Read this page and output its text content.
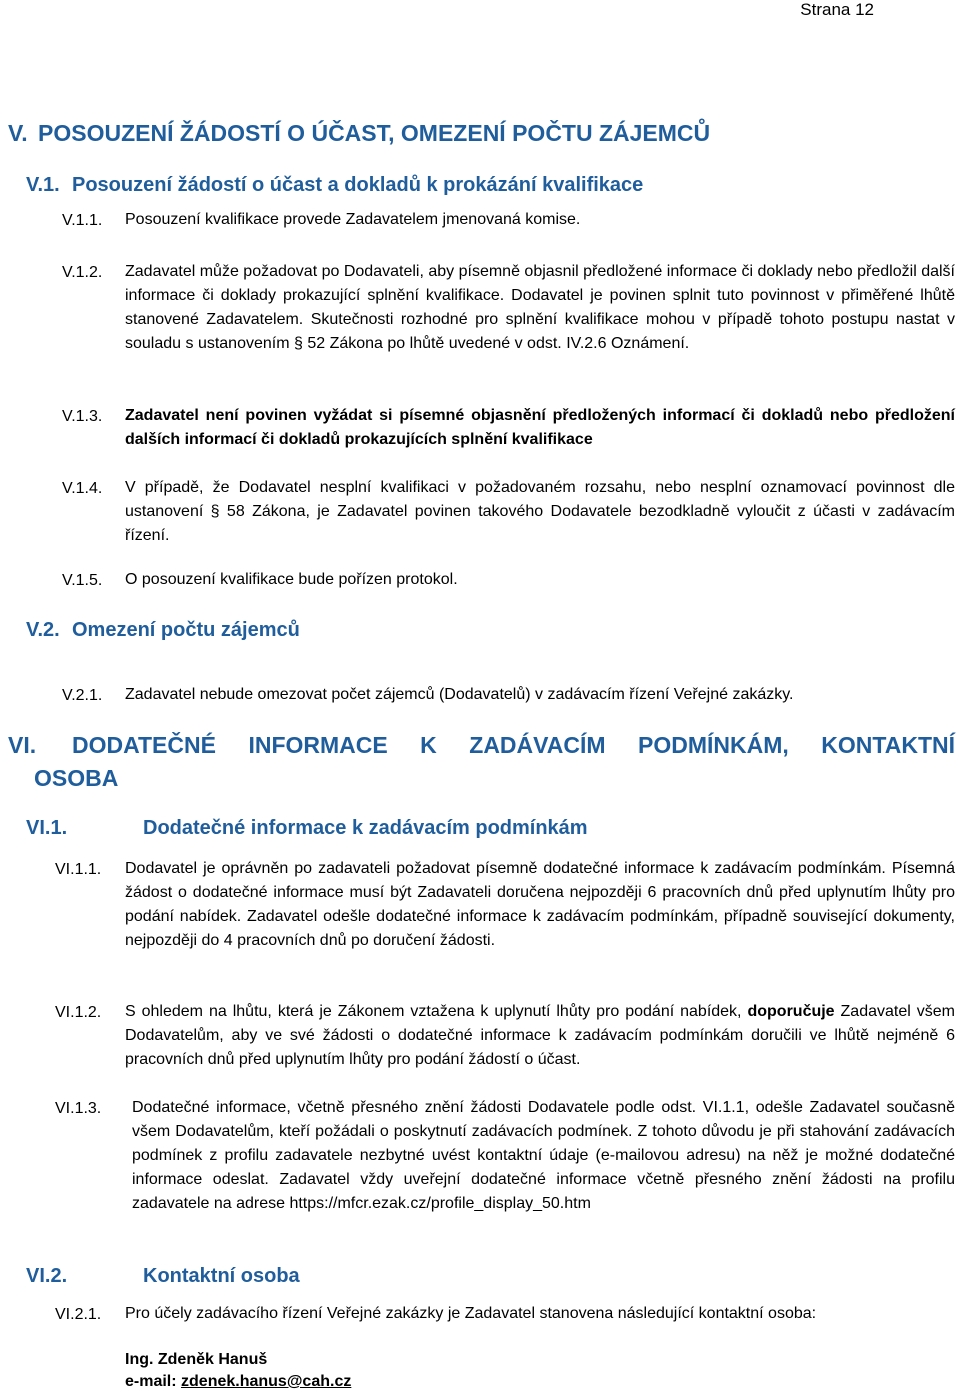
Strana 12
V. POSOUZENÍ ŽÁDOSTÍ O ÚČAST, OMEZENÍ POČTU ZÁJEMCŮ
V.1. Posouzení žádostí o účast a dokladů k prokázání kvalifikace
V.1.1. Posouzení kvalifikace provede Zadavatelem jmenovaná komise.
V.1.2. Zadavatel může požadovat po Dodavateli, aby písemně objasnil předložené informace či doklady nebo předložil další informace či doklady prokazující splnění kvalifikace. Dodavatel je povinen splnit tuto povinnost v přiměřené lhůtě stanovené Zadavatelem. Skutečnosti rozhodné pro splnění kvalifikace mohou v případě tohoto postupu nastat v souladu s ustanovením § 52 Zákona po lhůtě uvedené v odst. IV.2.6 Oznámení.
V.1.3. Zadavatel není povinen vyžádat si písemné objasnění předložených informací či dokladů nebo předložení dalších informací či dokladů prokazujících splnění kvalifikace
V.1.4. V případě, že Dodavatel nesplní kvalifikaci v požadovaném rozsahu, nebo nesplní oznamovací povinnost dle ustanovení § 58 Zákona, je Zadavatel povinen takového Dodavatele bezodkladně vyloučit z účasti v zadávacím řízení.
V.1.5. O posouzení kvalifikace bude pořízen protokol.
V.2. Omezení počtu zájemců
V.2.1. Zadavatel nebude omezovat počet zájemců (Dodavatelů) v zadávacím řízení Veřejné zakázky.
VI. DODATEČNÉ INFORMACE K ZADÁVACÍM PODMÍNKÁM, KONTAKTNÍ
OSOBA
VI.1.	Dodatečné informace k zadávacím podmínkám
VI.1.1. Dodavatel je oprávněn po zadavateli požadovat písemně dodatečné informace k zadávacím podmínkám. Písemná žádost o dodatečné informace musí být Zadavateli doručena nejpozději 6 pracovních dnů před uplynutím lhůty pro podání nabídek. Zadavatel odešle dodatečné informace k zadávacím podmínkám, případně související dokumenty, nejpozději do 4 pracovních dnů po doručení žádosti.
VI.1.2. S ohledem na lhůtu, která je Zákonem vztažena k uplynutí lhůty pro podání nabídek, doporučuje Zadavatel všem Dodavatelům, aby ve své žádosti o dodatečné informace k zadávacím podmínkám doručili ve lhůtě nejméně 6 pracovních dnů před uplynutím lhůty pro podání žádostí o účast.
VI.1.3. Dodatečné informace, včetně přesného znění žádosti Dodavatele podle odst. VI.1.1, odešle Zadavatel současně všem Dodavatelům, kteří požádali o poskytnutí zadávacích podmínek. Z tohoto důvodu je při stahování zadávacích podmínek z profilu zadavatele nezbytné uvést kontaktní údaje (e-mailovou adresu) na něž je možné dodatečné informace odeslat. Zadavatel vždy uveřejní dodatečné informace včetně přesného znění žádosti na profilu zadavatele na adrese https://mfcr.ezak.cz/profile_display_50.htm
VI.2.	Kontaktní osoba
VI.2.1. Pro účely zadávacího řízení Veřejné zakázky je Zadavatel stanovena následující kontaktní osoba:
Ing. Zdeněk Hanuš
e-mail: zdenek.hanus@cah.cz
